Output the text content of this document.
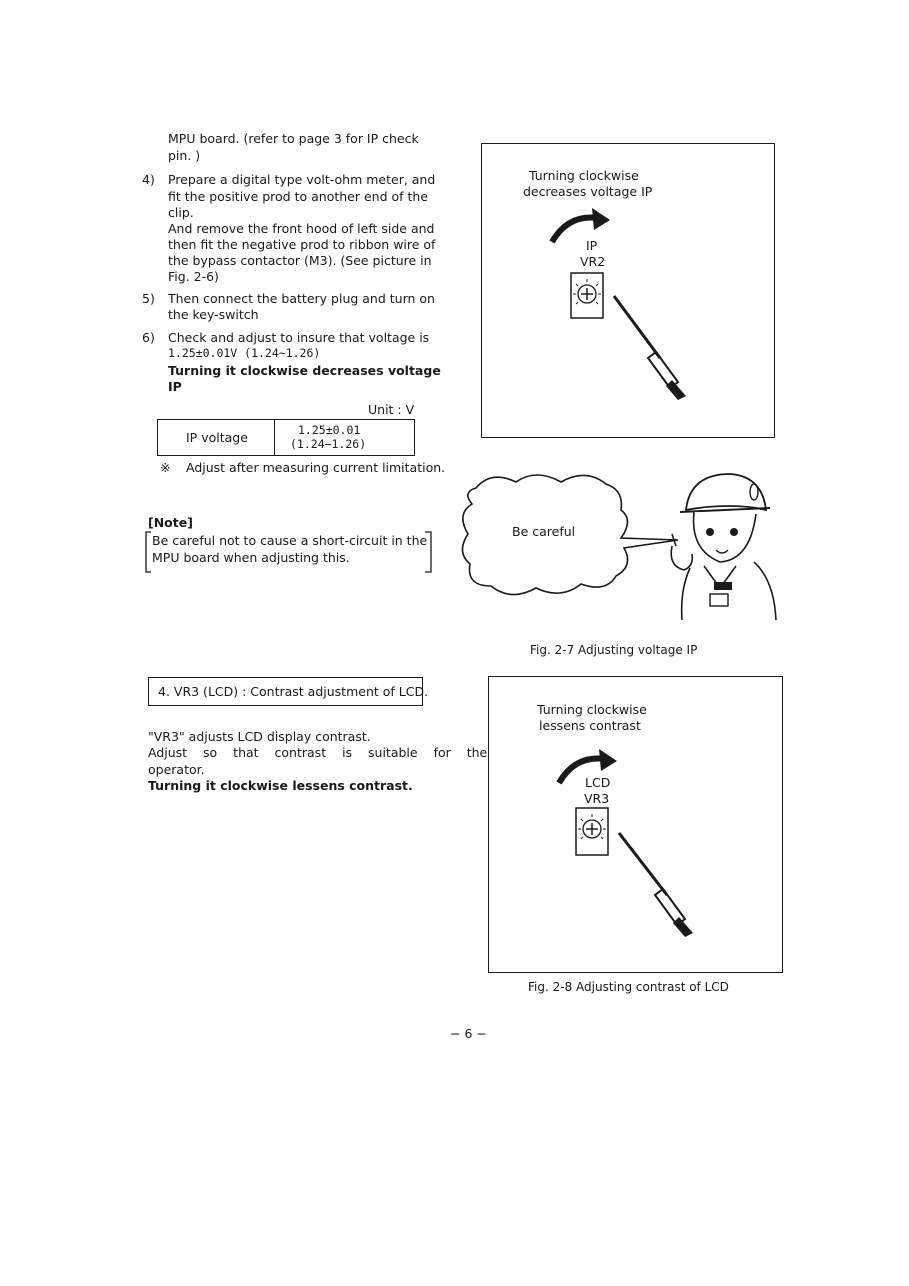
MPU board. (refer to page 3 for IP check
pin. )
4) Prepare a digital type volt-ohm meter, and
fit the positive prod to another end of the
clip.
And remove the front hood of left side and
then fit the negative prod to ribbon wire of
the bypass contactor (M3). (See picture in
Fig. 2-6)
5) Then connect the battery plug and turn on
the key-switch
6) Check and adjust to insure that voltage is
1.25±0.01V (1.24~1.26)
Turning it clockwise decreases voltage
IP
Unit : V
IP voltage	1.25±0.01
(1.24−1.26)
※ Adjust after measuring current limitation.
[Note]
Be careful not to cause a short-circuit in the
MPU board when adjusting this.
4. VR3 (LCD) : Contrast adjustment of LCD.
"VR3" adjusts LCD display contrast.
Adjust so that contrast is suitable for the
operator.
Turning it clockwise lessens contrast.
Turning clockwise
decreases voltage IP
IP
VR2
Be careful
Fig. 2-7 Adjusting voltage IP
Turning clockwise
lessens contrast
LCD
VR3
Fig. 2-8 Adjusting contrast of LCD
− 6 −
